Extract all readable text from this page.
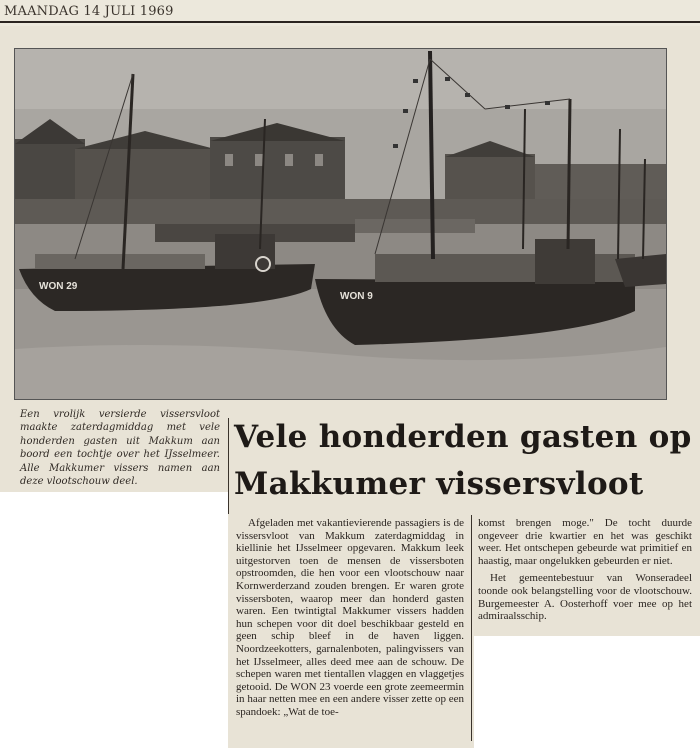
MAANDAG 14 JULI 1969
WON 29
WON 9
Een vrolijk versierde vissersvloot maakte zaterdagmiddag met vele honderden gasten uit Makkum aan boord een tochtje over het IJsselmeer. Alle Makkumer vissers namen aan deze vlootschouw deel.
Vele honderden gasten op
Makkumer vissersvloot

Afgeladen met vakantievierende passagiers is de vissersvloot van Makkum zaterdagmiddag in kiellinie het IJsselmeer opgevaren. Makkum leek uitgestorven toen de mensen de vissersboten opstroomden, die hen voor een vlootschouw naar Kornwerderzand zouden brengen. Er waren grote vissersboten, waarop meer dan honderd gasten waren. Een twintigtal Makkumer vissers hadden hun schepen voor dit doel beschikbaar gesteld en geen schip bleef in de haven liggen. Noordzeekotters, garnalenboten, palingvissers van het IJsselmeer, alles deed mee aan de schouw. De schepen waren met tientallen vlaggen en vlaggetjes getooid. De WON 23 voerde een grote zeemeermin in haar netten mee en een andere visser zette op een spandoek: „Wat de toe-

komst brengen moge." De tocht duurde ongeveer drie kwartier en het was geschikt weer. Het ontschepen gebeurde wat primitief en haastig, maar ongelukken gebeurden er niet.

Het gemeentebestuur van Wonseradeel toonde ook belangstelling voor de vlootschouw. Burgemeester A. Oosterhoff voer mee op het admiraalsschip.
